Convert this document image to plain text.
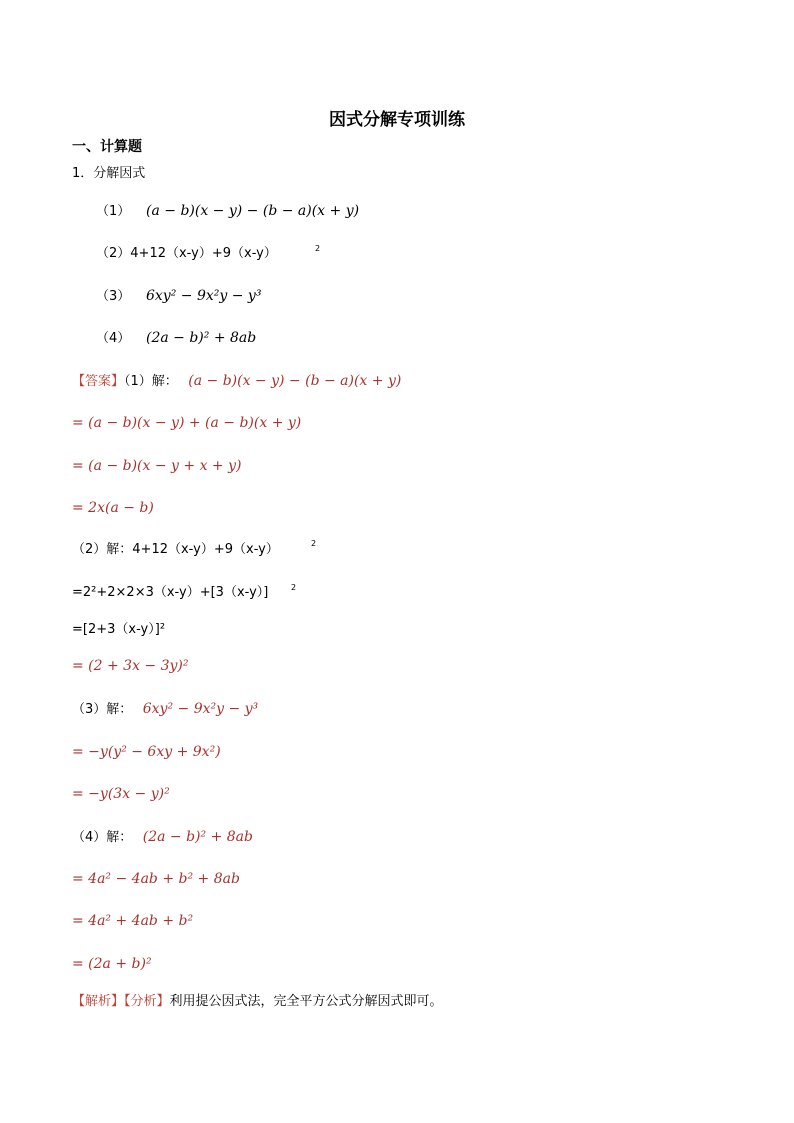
因式分解专项训练
一、计算题
1．分解因式
（1） (a − b)(x − y) − (b − a)(x + y)
（2）4+12（x-y）+9（x-y）	2
（3） 6xy² − 9x²y − y³
（4） (2a − b)² + 8ab
【答案】（1）解： (a − b)(x − y) − (b − a)(x + y)
= (a − b)(x − y) + (a − b)(x + y)
= (a − b)(x − y + x + y)
= 2x(a − b)
（2）解：4+12（x-y）+9（x-y）	2
=2²+2×2×3（x-y）+[3（x-y）]	2
=[2+3（x-y）]²
= (2 + 3x − 3y)²
（3）解： 6xy² − 9x²y − y³
= −y(y² − 6xy + 9x²)
= −y(3x − y)²
（4）解： (2a − b)² + 8ab
= 4a² − 4ab + b² + 8ab
= 4a² + 4ab + b²
= (2a + b)²
【解析】【分析】利用提公因式法，完全平方公式分解因式即可。
